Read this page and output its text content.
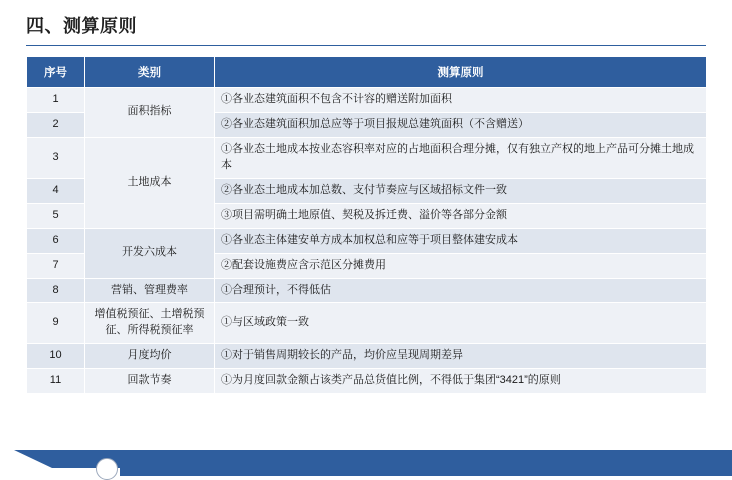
四、测算原则
序号	类别	测算原则
1	面积指标	①各业态建筑面积不包含不计容的赠送附加面积
2		②各业态建筑面积加总应等于项目报规总建筑面积（不含赠送）
3	土地成本	①各业态土地成本按业态容积率对应的占地面积合理分摊，仅有独立产权的地上产品可分摊土地成本
4		②各业态土地成本加总数、支付节奏应与区域招标文件一致
5		③项目需明确土地原值、契税及拆迁费、溢价等各部分金额
6	开发六成本	①各业态主体建安单方成本加权总和应等于项目整体建安成本
7		②配套设施费应含示范区分摊费用
8	营销、管理费率	①合理预计，不得低估
9	增值税预征、土增税预征、所得税预征率	①与区域政策一致
10	月度均价	①对于销售周期较长的产品，均价应呈现周期差异
11	回款节奏	①为月度回款金额占该类产品总货值比例，不得低于集团“3421”的原则
